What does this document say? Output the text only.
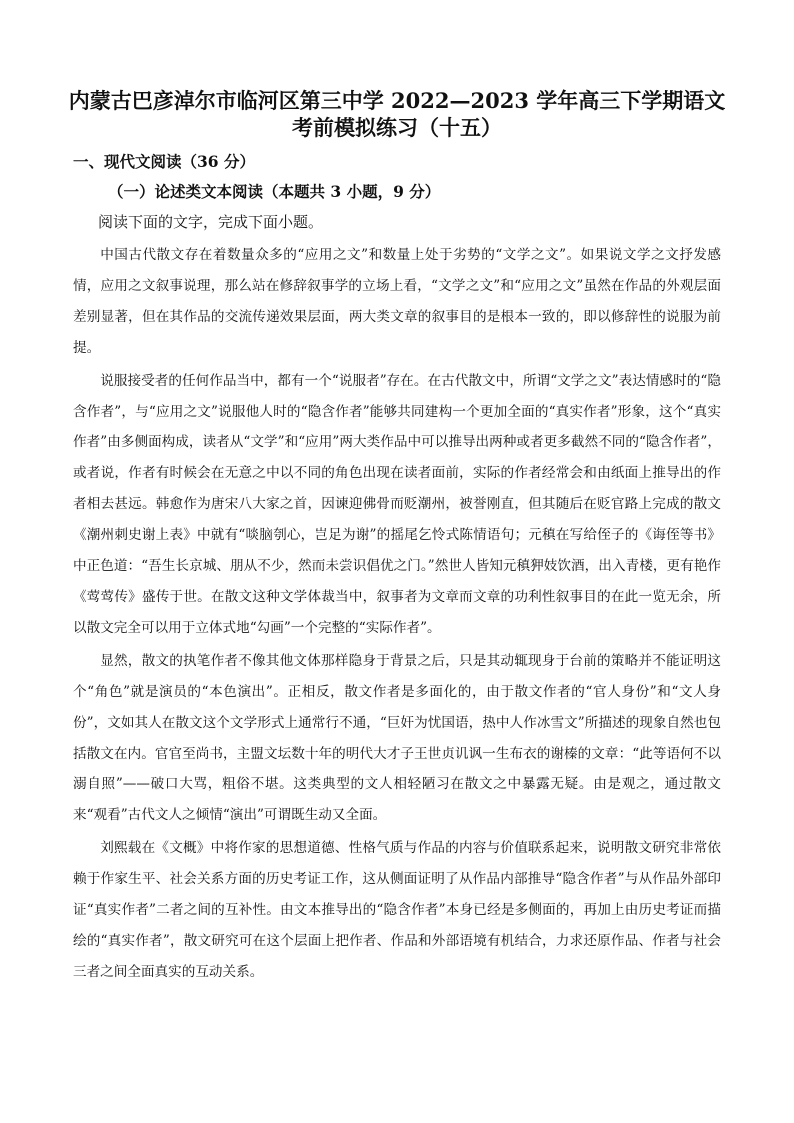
内蒙古巴彦淖尔市临河区第三中学 2022—2023 学年高三下学期语文
考前模拟练习（十五）
一、现代文阅读（36 分）
（一）论述类文本阅读（本题共 3 小题，9 分）
阅读下面的文字，完成下面小题。

中国古代散文存在着数量众多的“应用之文”和数量上处于劣势的“文学之文”。如果说文学之文抒发感情，应用之文叙事说理，那么站在修辞叙事学的立场上看，“文学之文”和“应用之文”虽然在作品的外观层面差别显著，但在其作品的交流传递效果层面，两大类文章的叙事目的是根本一致的，即以修辞性的说服为前提。

说服接受者的任何作品当中，都有一个“说服者”存在。在古代散文中，所谓“文学之文”表达情感时的“隐含作者”，与“应用之文”说服他人时的“隐含作者”能够共同建构一个更加全面的“真实作者”形象，这个“真实作者”由多侧面构成，读者从“文学”和“应用”两大类作品中可以推导出两种或者更多截然不同的“隐含作者”，或者说，作者有时候会在无意之中以不同的角色出现在读者面前，实际的作者经常会和由纸面上推导出的作者相去甚远。韩愈作为唐宋八大家之首，因谏迎佛骨而贬潮州，被誉刚直，但其随后在贬官路上完成的散文《潮州刺史谢上表》中就有“啖脑刳心，岂足为谢”的摇尾乞怜式陈情语句；元稹在写给侄子的《诲侄等书》中正色道：“吾生长京城、朋从不少，然而未尝识倡优之门。”然世人皆知元稹狎妓饮酒，出入青楼，更有艳作《莺莺传》盛传于世。在散文这种文学体裁当中，叙事者为文章而文章的功利性叙事目的在此一览无余，所以散文完全可以用于立体式地“勾画”一个完整的“实际作者”。

显然，散文的执笔作者不像其他文体那样隐身于背景之后，只是其动辄现身于台前的策略并不能证明这个“角色”就是演员的“本色演出”。正相反，散文作者是多面化的，由于散文作者的“官人身份”和“文人身份”，文如其人在散文这个文学形式上通常行不通，“巨奸为忧国语，热中人作冰雪文”所描述的现象自然也包括散文在内。官官至尚书，主盟文坛数十年的明代大才子王世贞讥讽一生布衣的谢榛的文章：“此等语何不以溺自照”——破口大骂，粗俗不堪。这类典型的文人相轻陋习在散文之中暴露无疑。由是观之，通过散文来“观看”古代文人之倾情“演出”可谓既生动又全面。

刘熙载在《文概》中将作家的思想道德、性格气质与作品的内容与价值联系起来，说明散文研究非常依赖于作家生平、社会关系方面的历史考证工作，这从侧面证明了从作品内部推导“隐含作者”与从作品外部印证“真实作者”二者之间的互补性。由文本推导出的“隐含作者”本身已经是多侧面的，再加上由历史考证而描绘的“真实作者”，散文研究可在这个层面上把作者、作品和外部语境有机结合，力求还原作品、作者与社会三者之间全面真实的互动关系。
